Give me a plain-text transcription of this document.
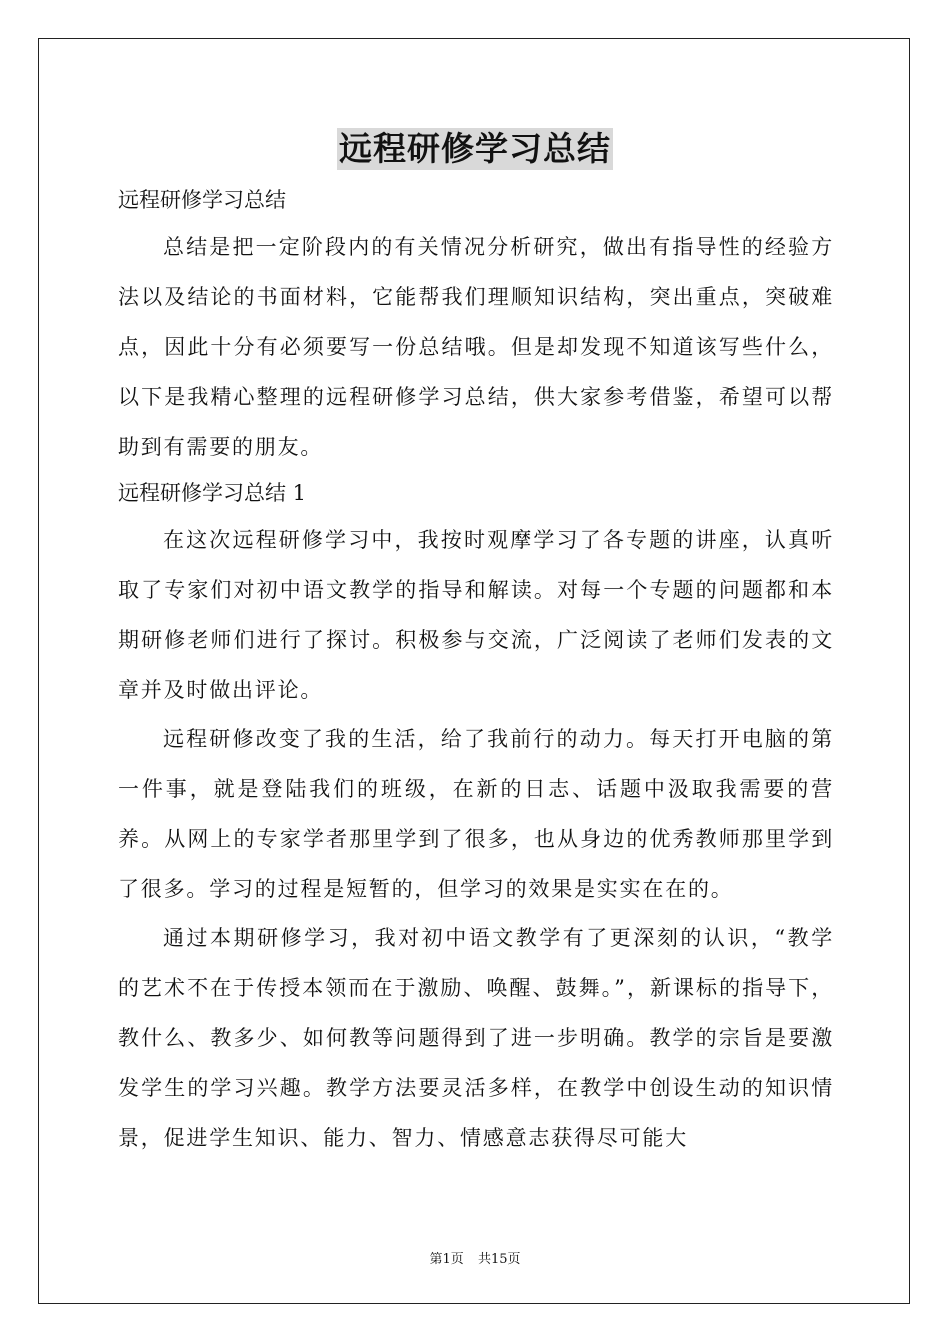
远程研修学习总结

远程研修学习总结

总结是把一定阶段内的有关情况分析研究，做出有指导性的经验方法以及结论的书面材料，它能帮我们理顺知识结构，突出重点，突破难点，因此十分有必须要写一份总结哦。但是却发现不知道该写些什么，以下是我精心整理的远程研修学习总结，供大家参考借鉴，希望可以帮助到有需要的朋友。

远程研修学习总结 1

在这次远程研修学习中，我按时观摩学习了各专题的讲座，认真听取了专家们对初中语文教学的指导和解读。对每一个专题的问题都和本期研修老师们进行了探讨。积极参与交流，广泛阅读了老师们发表的文章并及时做出评论。

远程研修改变了我的生活，给了我前行的动力。每天打开电脑的第一件事，就是登陆我们的班级，在新的日志、话题中汲取我需要的营养。从网上的专家学者那里学到了很多，也从身边的优秀教师那里学到了很多。学习的过程是短暂的，但学习的效果是实实在在的。

通过本期研修学习，我对初中语文教学有了更深刻的认识，“教学的艺术不在于传授本领而在于激励、唤醒、鼓舞。”，新课标的指导下，教什么、教多少、如何教等问题得到了进一步明确。教学的宗旨是要激发学生的学习兴趣。教学方法要灵活多样，在教学中创设生动的知识情景，促进学生知识、能力、智力、情感意志获得尽可能大

第1页 共15页
